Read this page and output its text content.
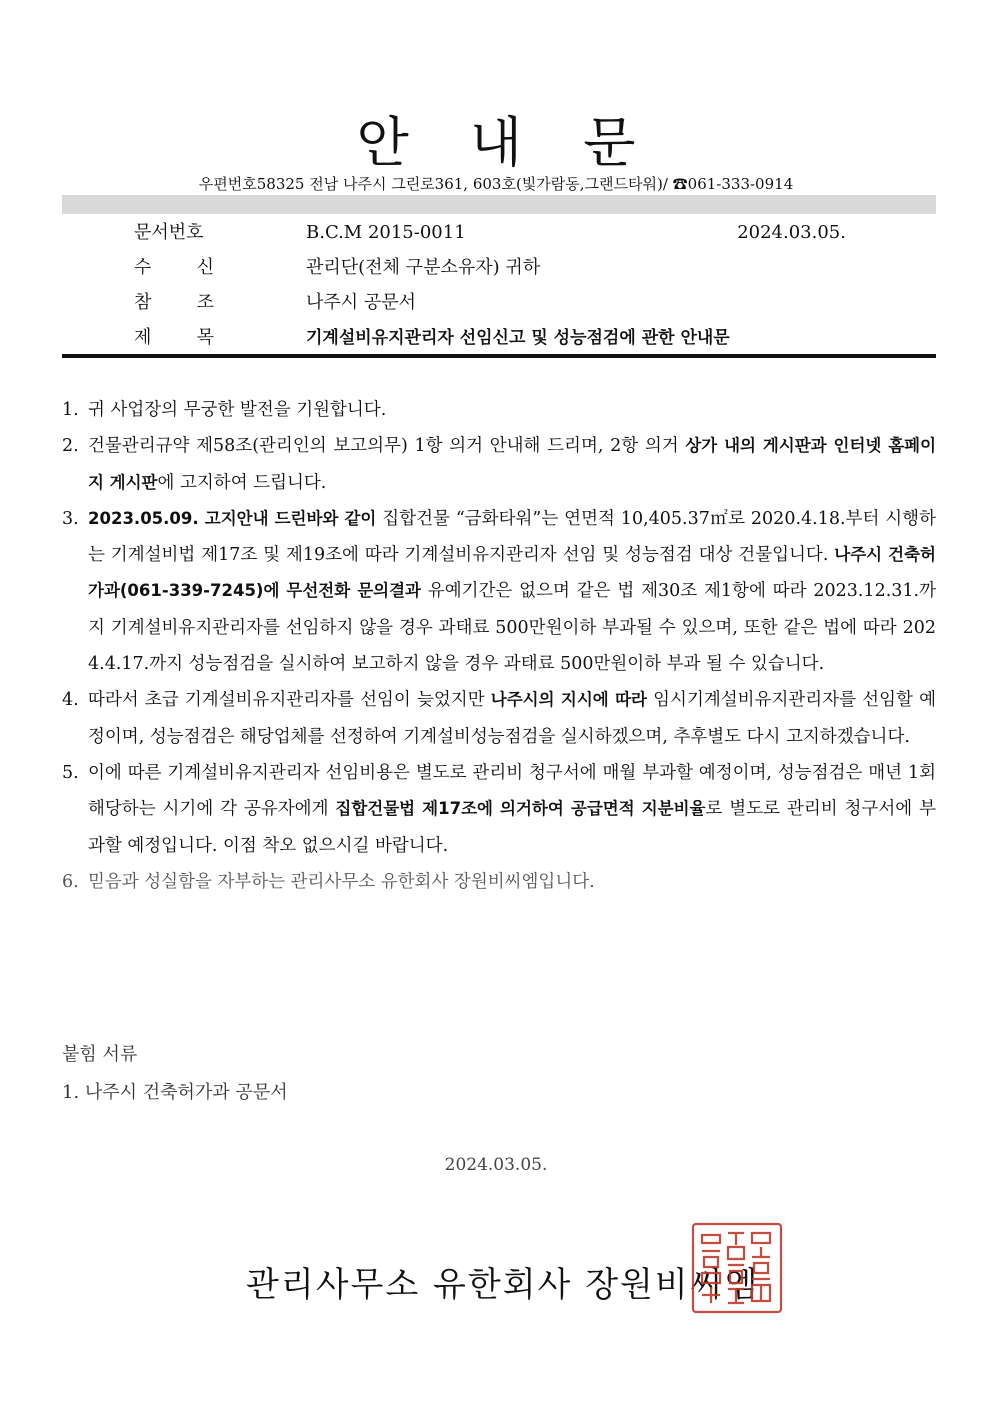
안 내 문
우편번호58325 전남 나주시 그린로361, 603호(빛가람동,그랜드타워)/ ☎061-333-0914
문서번호	B.C.M 2015-0011	2024.03.05.
수	신	관리단(전체 구분소유자) 귀하
참	조	나주시 공문서
제	목	기계설비유지관리자 선임신고 및 성능점검에 관한 안내문
1. 귀 사업장의 무궁한 발전을 기원합니다.
2. 건물관리규약 제58조(관리인의 보고의무) 1항 의거 안내해 드리며, 2항 의거 상가 내의 게시판과 인터넷 홈페이지 게시판에 고지하여 드립니다.
3. 2023.05.09. 고지안내 드린바와 같이 집합건물 “금화타워”는 연면적 10,405.37㎡로 2020.4.18.부터 시행하는 기계설비법 제17조 및 제19조에 따라 기계설비유지관리자 선임 및 성능점검 대상 건물입니다. 나주시 건축허가과(061-339-7245)에 무선전화 문의결과 유예기간은 없으며 같은 법 제30조 제1항에 따라 2023.12.31.까지 기계설비유지관리자를 선임하지 않을 경우 과태료 500만원이하 부과될 수 있으며, 또한 같은 법에 따라 2024.4.17.까지 성능점검을 실시하여 보고하지 않을 경우 과태료 500만원이하 부과 될 수 있습니다.
4. 따라서 초급 기계설비유지관리자를 선임이 늦었지만 나주시의 지시에 따라 임시기계설비유지관리자를 선임할 예정이며, 성능점검은 해당업체를 선정하여 기계설비성능점검을 실시하겠으며, 추후별도 다시 고지하겠습니다.
5. 이에 따른 기계설비유지관리자 선임비용은 별도로 관리비 청구서에 매월 부과할 예정이며, 성능점검은 매년 1회 해당하는 시기에 각 공유자에게 집합건물법 제17조에 의거하여 공급면적 지분비율로 별도로 관리비 청구서에 부과할 예정입니다. 이점 착오 없으시길 바랍니다.
6. 믿음과 성실함을 자부하는 관리사무소 유한회사 장원비씨엠입니다.
붙힘 서류
1. 나주시 건축허가과 공문서
2024.03.05.
관리사무소 유한회사 장원비씨엠
